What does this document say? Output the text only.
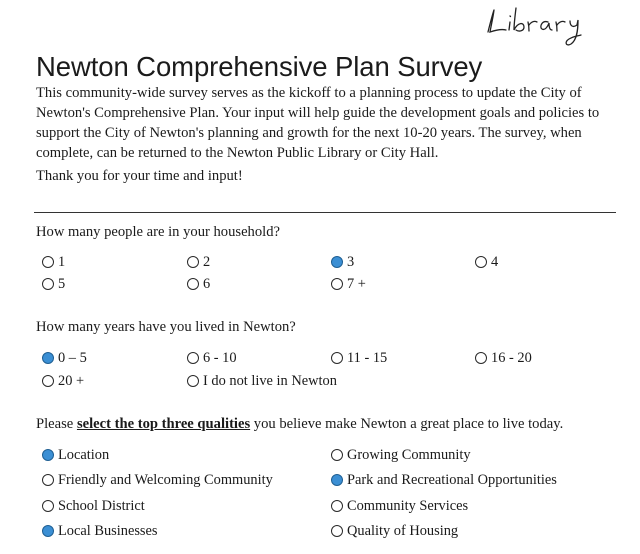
Newton Comprehensive Plan Survey

This community-wide survey serves as the kickoff to a planning process to update the City of Newton's Comprehensive Plan. Your input will help guide the development goals and policies to support the City of Newton's planning and growth for the next 10-20 years. The survey, when complete, can be returned to the Newton Public Library or City Hall.

Thank you for your time and input!

How many people are in your household?

1	2	3	4
5	6	7 +

How many years have you lived in Newton?

0 – 5	6 - 10	11 - 15	16 - 20
20 +	I do not live in Newton

Please select the top three qualities you believe make Newton a great place to live today.

Location	Growing Community
Friendly and Welcoming Community	Park and Recreational Opportunities
School District	Community Services
Local Businesses	Quality of Housing
